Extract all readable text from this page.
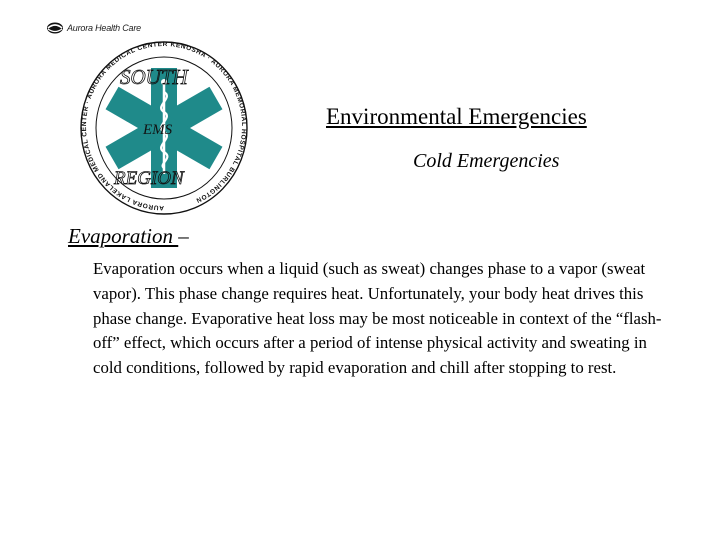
Aurora Health Care
AURORA LAKELAND MEDICAL CENTER · AURORA MEDICAL CENTER KENOSHA · AURORA MEMORIAL HOSPITAL BURLINGTON
SOUTH
EMS
REGION
Environmental Emergencies
Cold Emergencies
Evaporation –
Evaporation occurs when a liquid (such as sweat) changes phase to a vapor (sweat vapor). This phase change requires heat. Unfortunately, your body heat drives this phase change. Evaporative heat loss may be most noticeable in context of the “flash-off” effect, which occurs after a period of intense physical activity and sweating in cold conditions, followed by rapid evaporation and chill after stopping to rest.
